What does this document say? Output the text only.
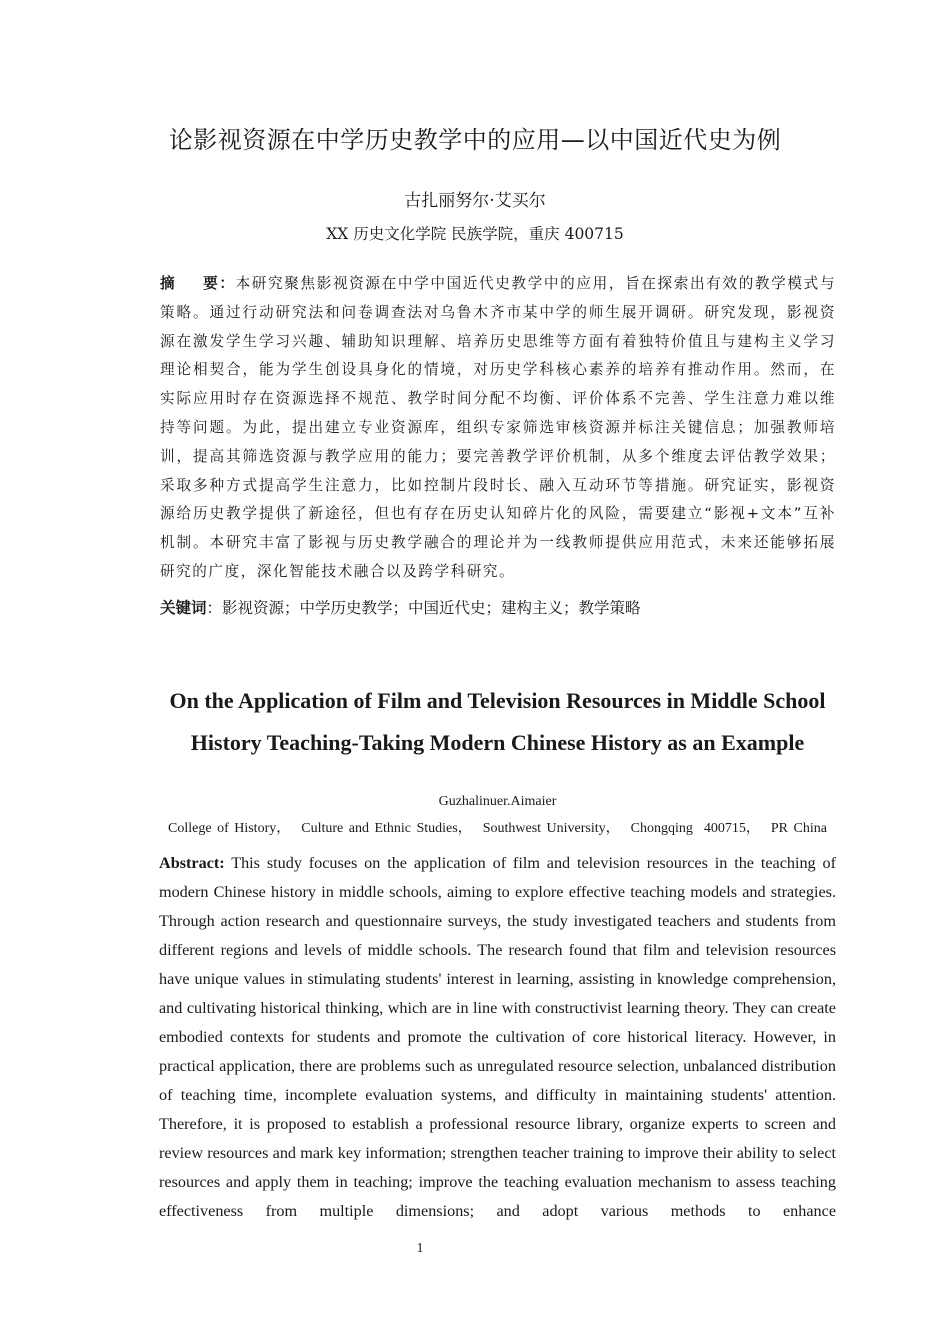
论影视资源在中学历史教学中的应用—以中国近代史为例
古扎丽努尔·艾买尔
XX 历史文化学院 民族学院，重庆 400715
摘    要：本研究聚焦影视资源在中学中国近代史教学中的应用，旨在探索出有效的教学模式与策略。通过行动研究法和问卷调查法对乌鲁木齐市某中学的师生展开调研。研究发现，影视资源在激发学生学习兴趣、辅助知识理解、培养历史思维等方面有着独特价值且与建构主义学习理论相契合，能为学生创设具身化的情境，对历史学科核心素养的培养有推动作用。然而，在实际应用时存在资源选择不规范、教学时间分配不均衡、评价体系不完善、学生注意力难以维持等问题。为此，提出建立专业资源库，组织专家筛选审核资源并标注关键信息；加强教师培训，提高其筛选资源与教学应用的能力；要完善教学评价机制，从多个维度去评估教学效果；采取多种方式提高学生注意力，比如控制片段时长、融入互动环节等措施。研究证实，影视资源给历史教学提供了新途径，但也有存在历史认知碎片化的风险，需要建立“影视+文本”互补机制。本研究丰富了影视与历史教学融合的理论并为一线教师提供应用范式，未来还能够拓展研究的广度，深化智能技术融合以及跨学科研究。
关键词：影视资源；中学历史教学；中国近代史；建构主义；教学策略
On the Application of Film and Television Resources in Middle School History Teaching-Taking Modern Chinese History as an Example
Guzhalinuer.Aimaier
College of History，  Culture and Ethnic Studies，  Southwest University，  Chongqing  400715，  PR China
Abstract: This study focuses on the application of film and television resources in the teaching of modern Chinese history in middle schools, aiming to explore effective teaching models and strategies. Through action research and questionnaire surveys, the study investigated teachers and students from different regions and levels of middle schools. The research found that film and television resources have unique values in stimulating students' interest in learning, assisting in knowledge comprehension, and cultivating historical thinking, which are in line with constructivist learning theory. They can create embodied contexts for students and promote the cultivation of core historical literacy. However, in practical application, there are problems such as unregulated resource selection, unbalanced distribution of teaching time, incomplete evaluation systems, and difficulty in maintaining students' attention. Therefore, it is proposed to establish a professional resource library, organize experts to screen and review resources and mark key information; strengthen teacher training to improve their ability to select resources and apply them in teaching; improve the teaching evaluation mechanism to assess teaching effectiveness from multiple dimensions; and adopt various methods to enhance
1
